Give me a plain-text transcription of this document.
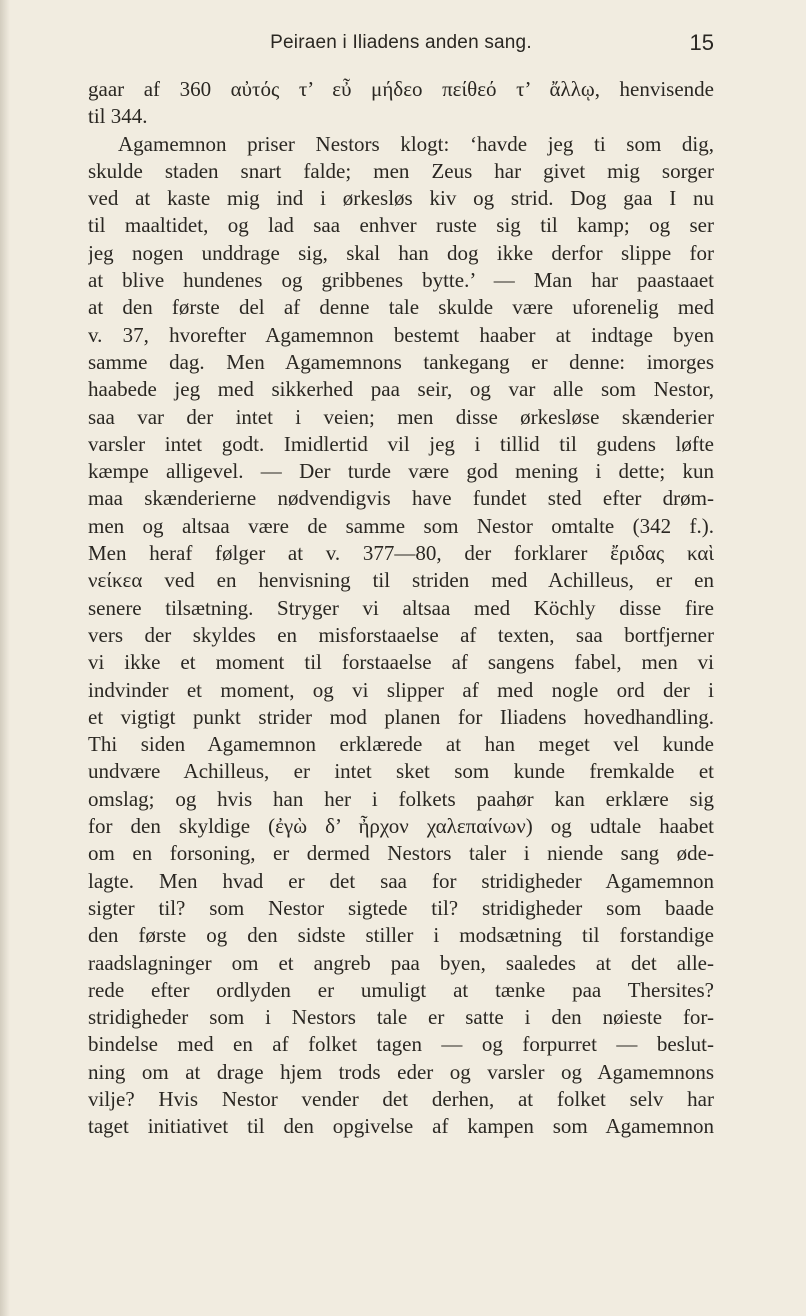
Peiraen i Iliadens anden sang.	15
gaar af 360 αὐτός τ’ εὖ μήδεο πείθεό τ’ ἄλλῳ, henvisende
til 344.
Agamemnon priser Nestors klogt: ‘havde jeg ti som dig,
skulde staden snart falde; men Zeus har givet mig sorger
ved at kaste mig ind i ørkesløs kiv og strid. Dog gaa I nu
til maaltidet, og lad saa enhver ruste sig til kamp; og ser
jeg nogen unddrage sig, skal han dog ikke derfor slippe for
at blive hundenes og gribbenes bytte.’ — Man har paastaaet
at den første del af denne tale skulde være uforenelig med
v. 37, hvorefter Agamemnon bestemt haaber at indtage byen
samme dag. Men Agamemnons tankegang er denne: imorges
haabede jeg med sikkerhed paa seir, og var alle som Nestor,
saa var der intet i veien; men disse ørkesløse skænderier
varsler intet godt. Imidlertid vil jeg i tillid til gudens løfte
kæmpe alligevel. — Der turde være god mening i dette; kun
maa skænderierne nødvendigvis have fundet sted efter drøm-
men og altsaa være de samme som Nestor omtalte (342 f.).
Men heraf følger at v. 377—80, der forklarer ἔριδας καὶ
νείκεα ved en henvisning til striden med Achilleus, er en
senere tilsætning. Stryger vi altsaa med Köchly disse fire
vers der skyldes en misforstaaelse af texten, saa bortfjerner
vi ikke et moment til forstaaelse af sangens fabel, men vi
indvinder et moment, og vi slipper af med nogle ord der i
et vigtigt punkt strider mod planen for Iliadens hovedhandling.
Thi siden Agamemnon erklærede at han meget vel kunde
undvære Achilleus, er intet sket som kunde fremkalde et
omslag; og hvis han her i folkets paahør kan erklære sig
for den skyldige (ἐγὼ δ’ ἦρχον χαλεπαίνων) og udtale haabet
om en forsoning, er dermed Nestors taler i niende sang øde-
lagte. Men hvad er det saa for stridigheder Agamemnon
sigter til? som Nestor sigtede til? stridigheder som baade
den første og den sidste stiller i modsætning til forstandige
raadslagninger om et angreb paa byen, saaledes at det alle-
rede efter ordlyden er umuligt at tænke paa Thersites?
stridigheder som i Nestors tale er satte i den nøieste for-
bindelse med en af folket tagen — og forpurret — beslut-
ning om at drage hjem trods eder og varsler og Agamemnons
vilje? Hvis Nestor vender det derhen, at folket selv har
taget initiativet til den opgivelse af kampen som Agamemnon
